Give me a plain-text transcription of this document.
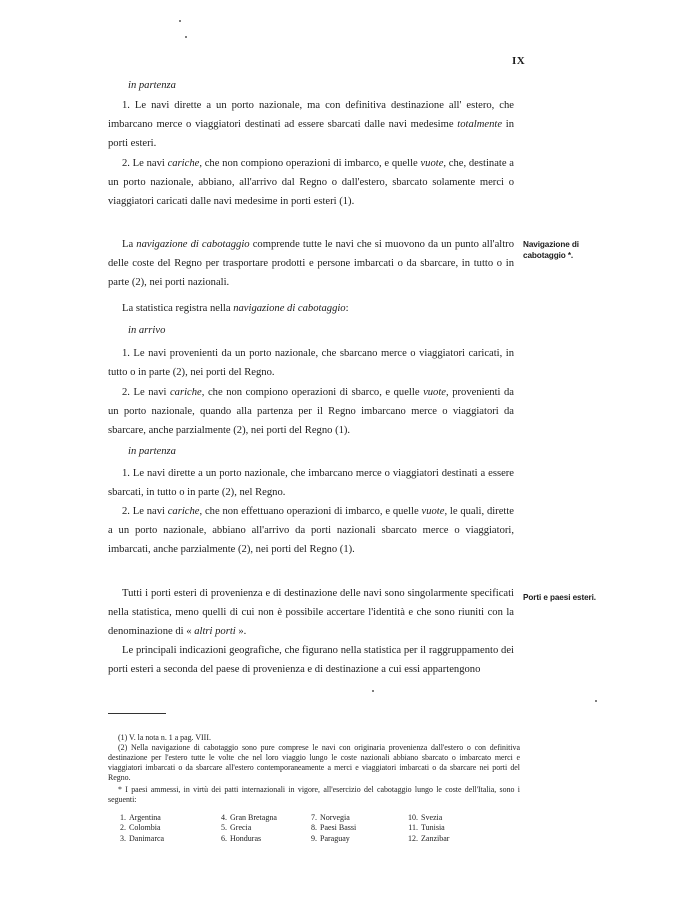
IX
in partenza
1. Le navi dirette a un porto nazionale, ma con definitiva destinazione all' estero, che imbarcano merce o viaggiatori destinati ad essere sbarcati dalle navi medesime totalmente in porti esteri.
2. Le navi cariche, che non compiono operazioni di imbarco, e quelle vuote, che, destinate a un porto nazionale, abbiano, all'arrivo dal Regno o dall'estero, sbarcato solamente merci o viaggiatori caricati dalle navi medesime in porti esteri (1).
La navigazione di cabotaggio comprende tutte le navi che si muovono da un punto all'altro delle coste del Regno per trasportare prodotti e persone imbarcati o da sbarcare, in tutto o in parte (2), nei porti nazionali.
Navigazione di cabotaggio *.
La statistica registra nella navigazione di cabotaggio:
in arrivo
1. Le navi provenienti da un porto nazionale, che sbarcano merce o viaggiatori caricati, in tutto o in parte (2), nei porti del Regno.
2. Le navi cariche, che non compiono operazioni di sbarco, e quelle vuote, provenienti da un porto nazionale, quando alla partenza per il Regno imbarcano merce o viaggiatori da sbarcare, anche parzialmente (2), nei porti del Regno (1).
in partenza
1. Le navi dirette a un porto nazionale, che imbarcano merce o viaggiatori destinati a essere sbarcati, in tutto o in parte (2), nel Regno.
2. Le navi cariche, che non effettuano operazioni di imbarco, e quelle vuote, le quali, dirette a un porto nazionale, abbiano all'arrivo da porti nazionali sbarcato merce o viaggiatori, imbarcati, anche parzialmente (2), nei porti del Regno (1).
Tutti i porti esteri di provenienza e di destinazione delle navi sono singolarmente specificati nella statistica, meno quelli di cui non è possibile accertare l'identità e che sono riuniti con la denominazione di « altri porti ».
Porti e paesi esteri.
Le principali indicazioni geografiche, che figurano nella statistica per il raggruppamento dei porti esteri a seconda del paese di provenienza e di destinazione a cui essi appartengono
(1) V. la nota n. 1 a pag. VIII.
(2) Nella navigazione di cabotaggio sono pure comprese le navi con originaria provenienza dall'estero o con definitiva destinazione per l'estero tutte le volte che nel loro viaggio lungo le coste nazionali abbiano sbarcato o imbarcato merci e viaggiatori imbarcati o da sbarcare all'estero contemporaneamente a merci e viaggiatori imbarcati o da sbarcare nei porti del Regno.
* I paesi ammessi, in virtù dei patti internazionali in vigore, all'esercizio del cabotaggio lungo le coste dell'Italia, sono i seguenti:
1. Argentina
2. Colombia
3. Danimarca
4. Gran Bretagna
5. Grecia
6. Honduras
7. Norvegia
8. Paesi Bassi
9. Paraguay
10. Svezia
11. Tunisia
12. Zanzibar
